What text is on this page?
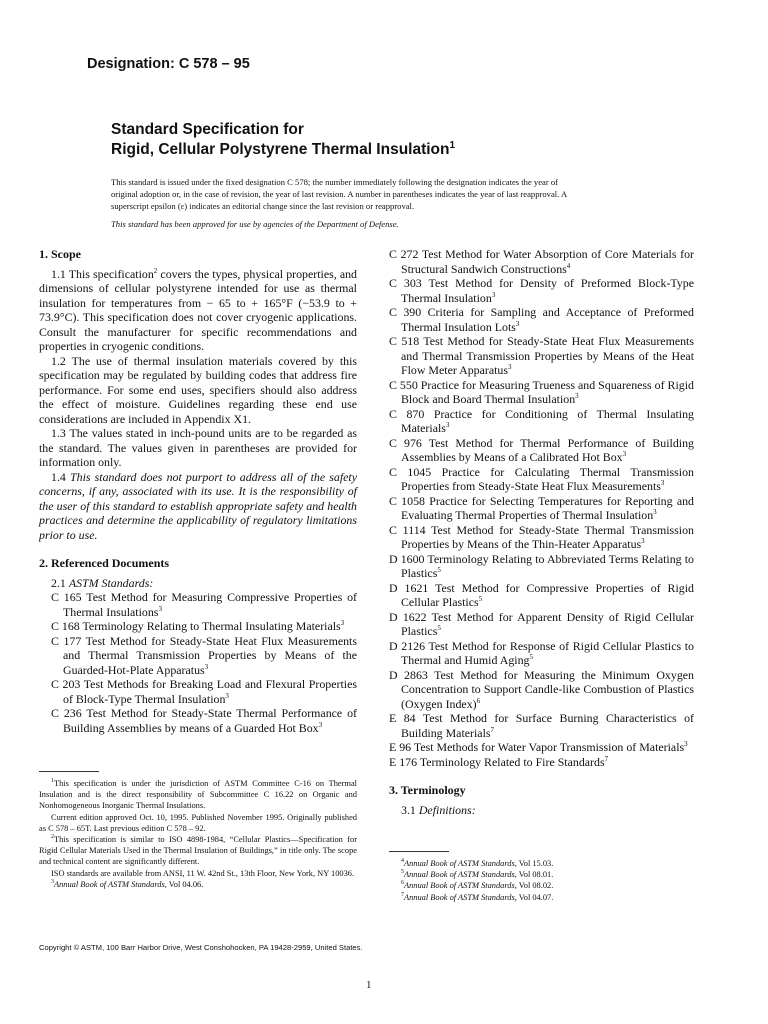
Designation: C 578 – 95
Standard Specification for
Rigid, Cellular Polystyrene Thermal Insulation$^1$
This standard is issued under the fixed designation C 578; the number immediately following the designation indicates the year of
original adoption or, in the case of revision, the year of last revision. A number in parentheses indicates the year of last reapproval. A
superscript epsilon (ε) indicates an editorial change since the last revision or reapproval.
This standard has been approved for use by agencies of the Department of Defense.
1. Scope

1.1 This specification$^2$ covers the types, physical properties, and dimensions of cellular polystyrene intended for use as thermal insulation for temperatures from − 65 to + 165°F (−53.9 to + 73.9°C). This specification does not cover cryogenic applications. Consult the manufacturer for specific recommendations and properties in cryogenic conditions.

1.2 The use of thermal insulation materials covered by this specification may be regulated by building codes that address fire performance. For some end uses, specifiers should also address the effect of moisture. Guidelines regarding these end use considerations are included in Appendix X1.

1.3 The values stated in inch-pound units are to be regarded as the standard. The values given in parentheses are provided for information only.

1.4 This standard does not purport to address all of the safety concerns, if any, associated with its use. It is the responsibility of the user of this standard to establish appropriate safety and health practices and determine the applicability of regulatory limitations prior to use.

2. Referenced Documents

2.1 ASTM Standards:

C 165 Test Method for Measuring Compressive Properties of Thermal Insulations$^3$

C 168 Terminology Relating to Thermal Insulating Materials$^3$

C 177 Test Method for Steady-State Heat Flux Measurements and Thermal Transmission Properties by Means of the Guarded-Hot-Plate Apparatus$^3$

C 203 Test Methods for Breaking Load and Flexural Properties of Block-Type Thermal Insulation$^3$

C 236 Test Method for Steady-State Thermal Performance of Building Assemblies by means of a Guarded Hot Box$^3$

C 272 Test Method for Water Absorption of Core Materials for Structural Sandwich Constructions$^4$

C 303 Test Method for Density of Preformed Block-Type Thermal Insulation$^3$

C 390 Criteria for Sampling and Acceptance of Preformed Thermal Insulation Lots$^3$

C 518 Test Method for Steady-State Heat Flux Measurements and Thermal Transmission Properties by Means of the Heat Flow Meter Apparatus$^3$

C 550 Practice for Measuring Trueness and Squareness of Rigid Block and Board Thermal Insulation$^3$

C 870 Practice for Conditioning of Thermal Insulating Materials$^3$

C 976 Test Method for Thermal Performance of Building Assemblies by Means of a Calibrated Hot Box$^3$

C 1045 Practice for Calculating Thermal Transmission Properties from Steady-State Heat Flux Measurements$^3$

C 1058 Practice for Selecting Temperatures for Reporting and Evaluating Thermal Properties of Thermal Insulation$^3$

C 1114 Test Method for Steady-State Thermal Transmission Properties by Means of the Thin-Heater Apparatus$^3$

D 1600 Terminology Relating to Abbreviated Terms Relating to Plastics$^5$

D 1621 Test Method for Compressive Properties of Rigid Cellular Plastics$^5$

D 1622 Test Method for Apparent Density of Rigid Cellular Plastics$^5$

D 2126 Test Method for Response of Rigid Cellular Plastics to Thermal and Humid Aging$^5$

D 2863 Test Method for Measuring the Minimum Oxygen Concentration to Support Candle-like Combustion of Plastics (Oxygen Index)$^6$

E 84 Test Method for Surface Burning Characteristics of Building Materials$^7$

E 96 Test Methods for Water Vapor Transmission of Materials$^3$

E 176 Terminology Related to Fire Standards$^7$

3. Terminology

3.1 Definitions:

$^1$This specification is under the jurisdiction of ASTM Committee C-16 on Thermal Insulation and is the direct responsibility of Subcommittee C 16.22 on Organic and Nonhomogeneous Inorganic Thermal Insulations.

Current edition approved Oct. 10, 1995. Published November 1995. Originally published as C 578 – 65T. Last previous edition C 578 – 92.

$^2$This specification is similar to ISO 4898-1984, “Cellular Plastics—Specification for Rigid Cellular Materials Used in the Thermal Insulation of Buildings,” in title only. The scope and technical content are significantly different.

ISO standards are available from ANSI, 11 W. 42nd St., 13th Floor, New York, NY 10036.

$^3$Annual Book of ASTM Standards, Vol 04.06.

$^4$Annual Book of ASTM Standards, Vol 15.03.

$^5$Annual Book of ASTM Standards, Vol 08.01.

$^6$Annual Book of ASTM Standards, Vol 08.02.

$^7$Annual Book of ASTM Standards, Vol 04.07.

Copyright © ASTM, 100 Barr Harbor Drive, West Conshohocken, PA 19428-2959, United States.
1
